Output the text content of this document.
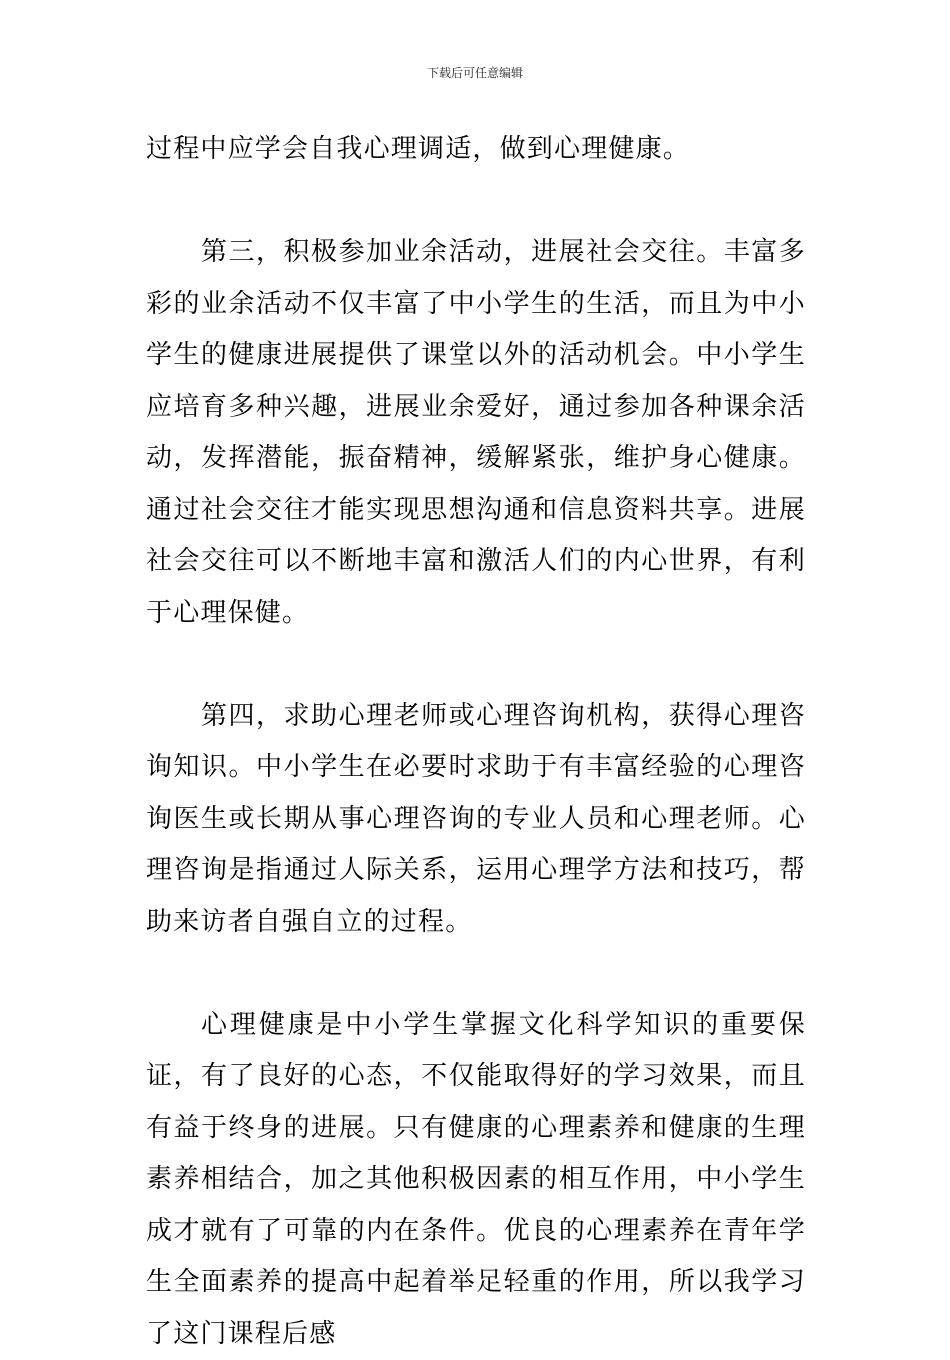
下载后可任意编辑

过程中应学会自我心理调适，做到心理健康。

第三，积极参加业余活动，进展社会交往。丰富多彩的业余活动不仅丰富了中小学生的生活，而且为中小学生的健康进展提供了课堂以外的活动机会。中小学生应培育多种兴趣，进展业余爱好，通过参加各种课余活动，发挥潜能，振奋精神，缓解紧张，维护身心健康。通过社会交往才能实现思想沟通和信息资料共享。进展社会交往可以不断地丰富和激活人们的内心世界，有利于心理保健。

第四，求助心理老师或心理咨询机构，获得心理咨询知识。中小学生在必要时求助于有丰富经验的心理咨询医生或长期从事心理咨询的专业人员和心理老师。心理咨询是指通过人际关系，运用心理学方法和技巧，帮助来访者自强自立的过程。

心理健康是中小学生掌握文化科学知识的重要保证，有了良好的心态，不仅能取得好的学习效果，而且有益于终身的进展。只有健康的心理素养和健康的生理素养相结合，加之其他积极因素的相互作用，中小学生成才就有了可靠的内在条件。优良的心理素养在青年学生全面素养的提高中起着举足轻重的作用，所以我学习了这门课程后感
